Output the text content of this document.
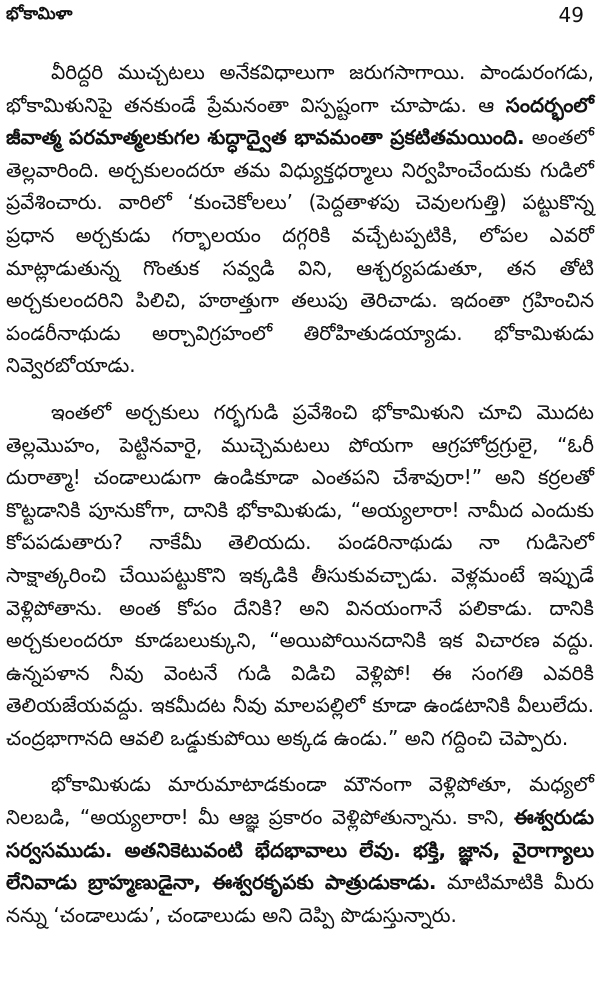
భోకామిళా	49

వీరిద్దరి ముచ్చటలు అనేకవిధాలుగా జరుగసాగాయి. పాండురంగడు, భోకామిళునిపై తనకుండే ప్రేమనంతా విస్పష్టంగా చూపాడు. ఆ సందర్భంలో జీవాత్మ పరమాత్మలకుగల శుద్ధాద్వైత భావమంతా ప్రకటితమయింది. అంతలో తెల్లవారింది. అర్చకులందరూ తమ విధ్యుక్తధర్మాలు నిర్వహించేందుకు గుడిలో ప్రవేశించారు. వారిలో ‘కుంచెకోలలు’ (పెద్దతాళపు చెవులగుత్తి) పట్టుకొన్న ప్రధాన అర్చకుడు గర్భాలయం దగ్గరికి వచ్చేటప్పటికి, లోపల ఎవరో మాట్లాడుతున్న గొంతుక సవ్వడి విని, ఆశ్చర్యపడుతూ, తన తోటి అర్చకులందరిని పిలిచి, హఠాత్తుగా తలుపు తెరిచాడు. ఇదంతా గ్రహించిన పండరీనాథుడు అర్చావిగ్రహంలో తిరోహితుడయ్యాడు. భోకామిళుడు నివ్వెరబోయాడు.

ఇంతలో అర్చకులు గర్భగుడి ప్రవేశించి భోకామిళుని చూచి మొదట తెల్లమొహం, పెట్టినవారై, ముచ్చెమటలు పోయగా ఆగ్రహోద్రగ్రులై, “ఓరీ దురాత్మా! చండాలుడుగా ఉండికూడా ఎంతపని చేశావురా!” అని కర్రలతో కొట్టడానికి పూనుకోగా, దానికి భోకామిళుడు, “అయ్యలారా! నామీద ఎందుకు కోపపడుతారు? నాకేమీ తెలియదు. పండరినాథుడు నా గుడిసెలో సాక్షాత్కరించి చేయిపట్టుకొని ఇక్కడికి తీసుకువచ్చాడు. వెళ్లమంటే ఇప్పుడే వెళ్లిపోతాను. అంత కోపం దేనికి? అని వినయంగానే పలికాడు. దానికి అర్చకులందరూ కూడబలుక్కుని, “అయిపోయినదానికి ఇక విచారణ వద్దు. ఉన్నపళాన నీవు వెంటనే గుడి విడిచి వెళ్లిపో! ఈ సంగతి ఎవరికి తెలియజేయవద్దు. ఇకమీదట నీవు మాలపల్లిలో కూడా ఉండటానికి వీలులేదు. చంద్రభాగానది ఆవలి ఒడ్డుకుపోయి అక్కడ ఉండు.” అని గద్దించి చెప్పారు.

భోకామిళుడు మారుమాటాడకుండా మౌనంగా వెళ్లిపోతూ, మధ్యలో నిలబడి, “అయ్యలారా! మీ ఆజ్ఞ ప్రకారం వెళ్లిపోతున్నాను. కాని, ఈశ్వరుడు సర్వసముడు. అతనికెటువంటి భేదభావాలు లేవు. భక్తి, జ్ఞాన, వైరాగ్యాలు లేనివాడు బ్రాహ్మణుడైనా, ఈశ్వరకృపకు పాత్రుడుకాడు. మాటిమాటికి మీరు నన్ను ‘చండాలుడు’, చండాలుడు అని దెప్పి పొడుస్తున్నారు.
